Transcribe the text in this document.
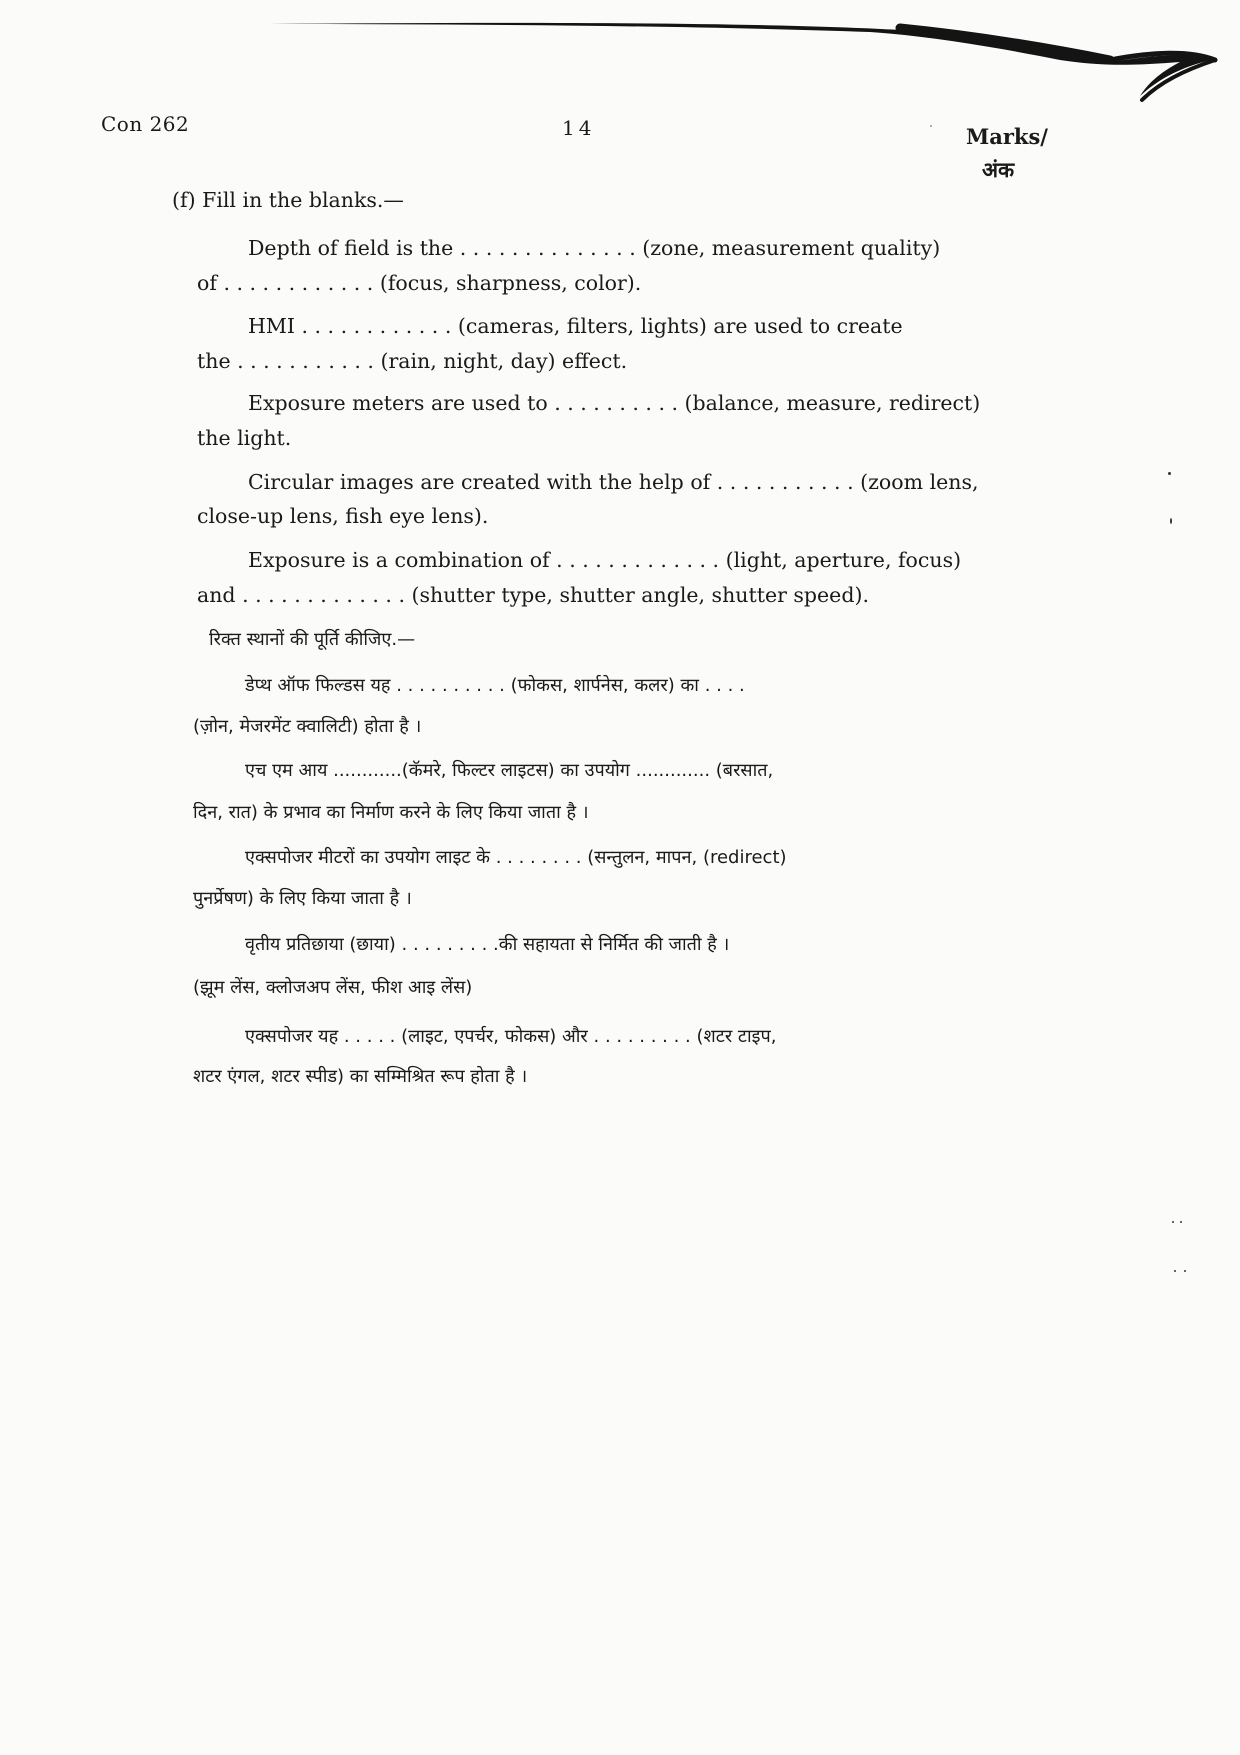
Con 262	14	Marks/
अंक
(f) Fill in the blanks.—
Depth of field is the . . . . . . . . . . . . . . (zone, measurement quality)
of . . . . . . . . . . . . (focus, sharpness, color).
HMI . . . . . . . . . . . . (cameras, filters, lights) are used to create
the . . . . . . . . . . . (rain, night, day) effect.
Exposure meters are used to . . . . . . . . . . (balance, measure, redirect)
the light.
Circular images are created with the help of . . . . . . . . . . . (zoom lens,
close-up lens, fish eye lens).
Exposure is a combination of . . . . . . . . . . . . . (light, aperture, focus)
and . . . . . . . . . . . . . (shutter type, shutter angle, shutter speed).
रिक्त स्थानों की पूर्ति कीजिए.—
डेप्थ ऑफ फिल्डस यह . . . . . . . . . . (फोकस, शार्पनेस, कलर) का . . . .
(ज़ोन, मेजरमेंट क्वालिटी) होता है ।
एच एम आय ............(कॅमरे, फिल्टर लाइटस) का उपयोग ............. (बरसात,
दिन, रात) के प्रभाव का निर्माण करने के लिए किया जाता है ।
एक्सपोजर मीटरों का उपयोग लाइट के . . . . . . . . (सन्तुलन, मापन, (redirect)
पुनर्प्रेषण) के लिए किया जाता है ।
वृतीय प्रतिछाया (छाया) . . . . . . . . .की सहायता से निर्मित की जाती है ।
(झूम लेंस, क्लोजअप लेंस, फीश आइ लेंस)
एक्सपोजर यह . . . . . (लाइट, एपर्चर, फोकस) और . . . . . . . . . (शटर टाइप,
शटर एंगल, शटर स्पीड) का सम्मिश्रित रूप होता है ।
